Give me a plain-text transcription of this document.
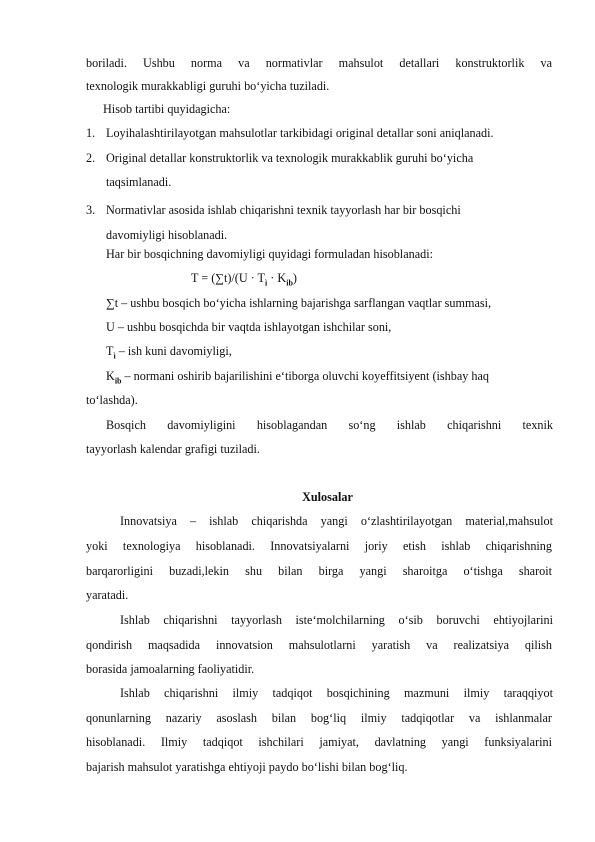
boriladi. Ushbu norma va normativlar mahsulot detallari konstruktorlik va
texnologik murakkabligi guruhi bo‘yicha tuziladi.
Hisob tartibi quyidagicha:
1. Loyihalashtirilayotgan mahsulotlar tarkibidagi original detallar soni aniqlanadi.
2. Original detallar konstruktorlik va texnologik murakkablik guruhi bo‘yicha
taqsimlanadi.
3. Normativlar asosida ishlab chiqarishni texnik tayyorlash har bir bosqichi
davomiyligi hisoblanadi.
Har bir bosqichning davomiyligi quyidagi formuladan hisoblanadi:
$T = (\sum t)/(U \cdot T_ì \cdot K_{ib})$
∑t – ushbu bosqich bo‘yicha ishlarning bajarishga sarflangan vaqtlar summasi,
U – ushbu bosqichda bir vaqtda ishlayotgan ishchilar soni,
$T_ì$ – ish kuni davomiyligi,
$K_{ib}$ – normani oshirib bajarilishini e‘tiborga oluvchi koyeffitsiyent (ishbay haq
to‘lashda).
Bosqich davomiyligini hisoblagandan so‘ng ishlab chiqarishni texnik
tayyorlash kalendar grafigi tuziladi.
Xulosalar
Innovatsiya – ishlab chiqarishda yangi o‘zlashtirilayotgan material,mahsulot
yoki texnologiya hisoblanadi. Innovatsiyalarni joriy etish ishlab chiqarishning
barqarorligini buzadi,lekin shu bilan birga yangi sharoitga o‘tishga sharoit
yaratadi.
Ishlab chiqarishni tayyorlash iste‘molchilarning o‘sib boruvchi ehtiyojlarini
qondirish maqsadida innovatsion mahsulotlarni yaratish va realizatsiya qilish
borasida jamoalarning faoliyatidir.
Ishlab chiqarishni ilmiy tadqiqot bosqichining mazmuni ilmiy taraqqiyot
qonunlarning nazariy asoslash bilan bog‘liq ilmiy tadqiqotlar va ishlanmalar
hisoblanadi. Ilmiy tadqiqot ishchilari jamiyat, davlatning yangi funksiyalarini
bajarish mahsulot yaratishga ehtiyoji paydo bo‘lishi bilan bog‘liq.
